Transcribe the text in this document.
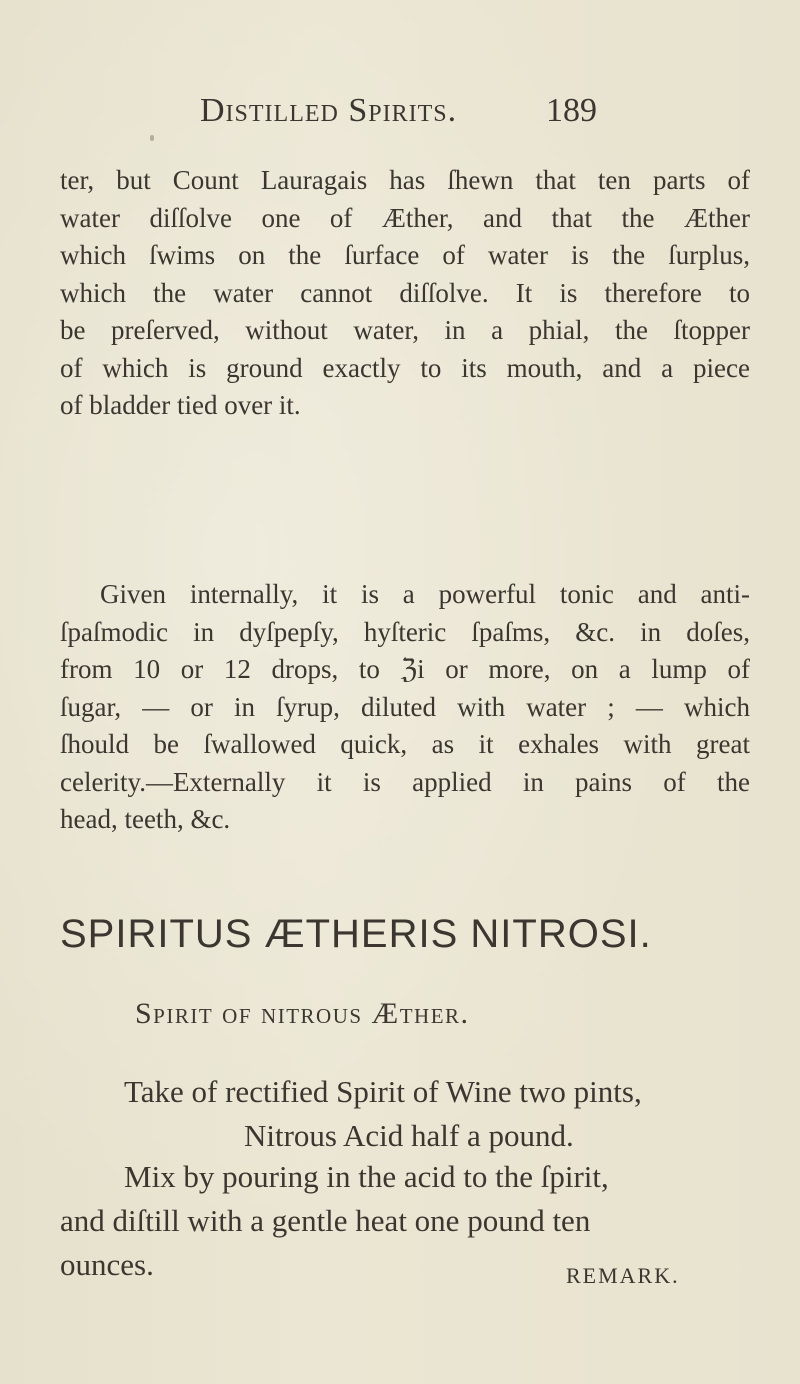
Distilled Spirits.	189
ter, but Count Lauragais has ſhewn that ten parts of
water diſſolve one of Æther, and that the Æther
which ſwims on the ſurface of water is the ſurplus,
which the water cannot diſſolve. It is therefore to
be preſerved, without water, in a phial, the ſtopper
of which is ground exactly to its mouth, and a piece
of bladder tied over it.
Given internally, it is a powerful tonic and anti-
ſpaſmodic in dyſpepſy, hyſteric ſpaſms, &c. in doſes,
from 10 or 12 drops, to ℨi or more, on a lump of
ſugar, — or in ſyrup, diluted with water ; — which
ſhould be ſwallowed quick, as it exhales with great
celerity.—Externally it is applied in pains of the
head, teeth, &c.
SPIRITUS ÆTHERIS NITROSI.
Spirit of nitrous Æther.
Take of rectified Spirit of Wine two pints,
Nitrous Acid half a pound.
Mix by pouring in the acid to the ſpirit,
and diſtill with a gentle heat one pound ten
ounces.	REMARK.
